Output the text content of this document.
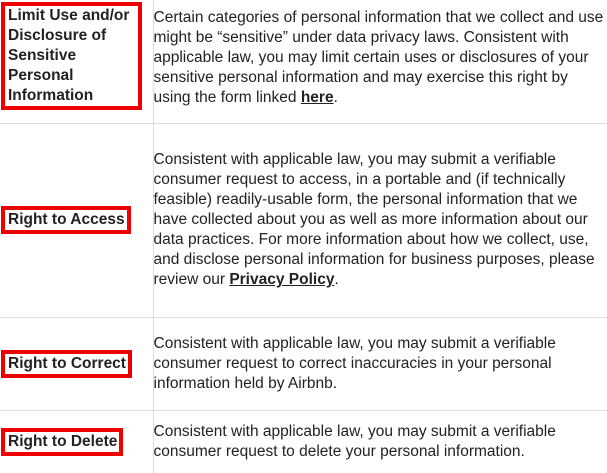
Limit Use and/or Disclosure of Sensitive Personal Information	Certain categories of personal information that we collect and use might be “sensitive” under data privacy laws. Consistent with applicable law, you may limit certain uses or disclosures of your sensitive personal information and may exercise this right by using the form linked here.

Right to Access	Consistent with applicable law, you may submit a verifiable consumer request to access, in a portable and (if technically feasible) readily-usable form, the personal information that we have collected about you as well as more information about our data practices. For more information about how we collect, use, and disclose personal information for business purposes, please review our Privacy Policy.

Right to Correct	Consistent with applicable law, you may submit a verifiable consumer request to correct inaccuracies in your personal information held by Airbnb.

Right to Delete	Consistent with applicable law, you may submit a verifiable consumer request to delete your personal information.
